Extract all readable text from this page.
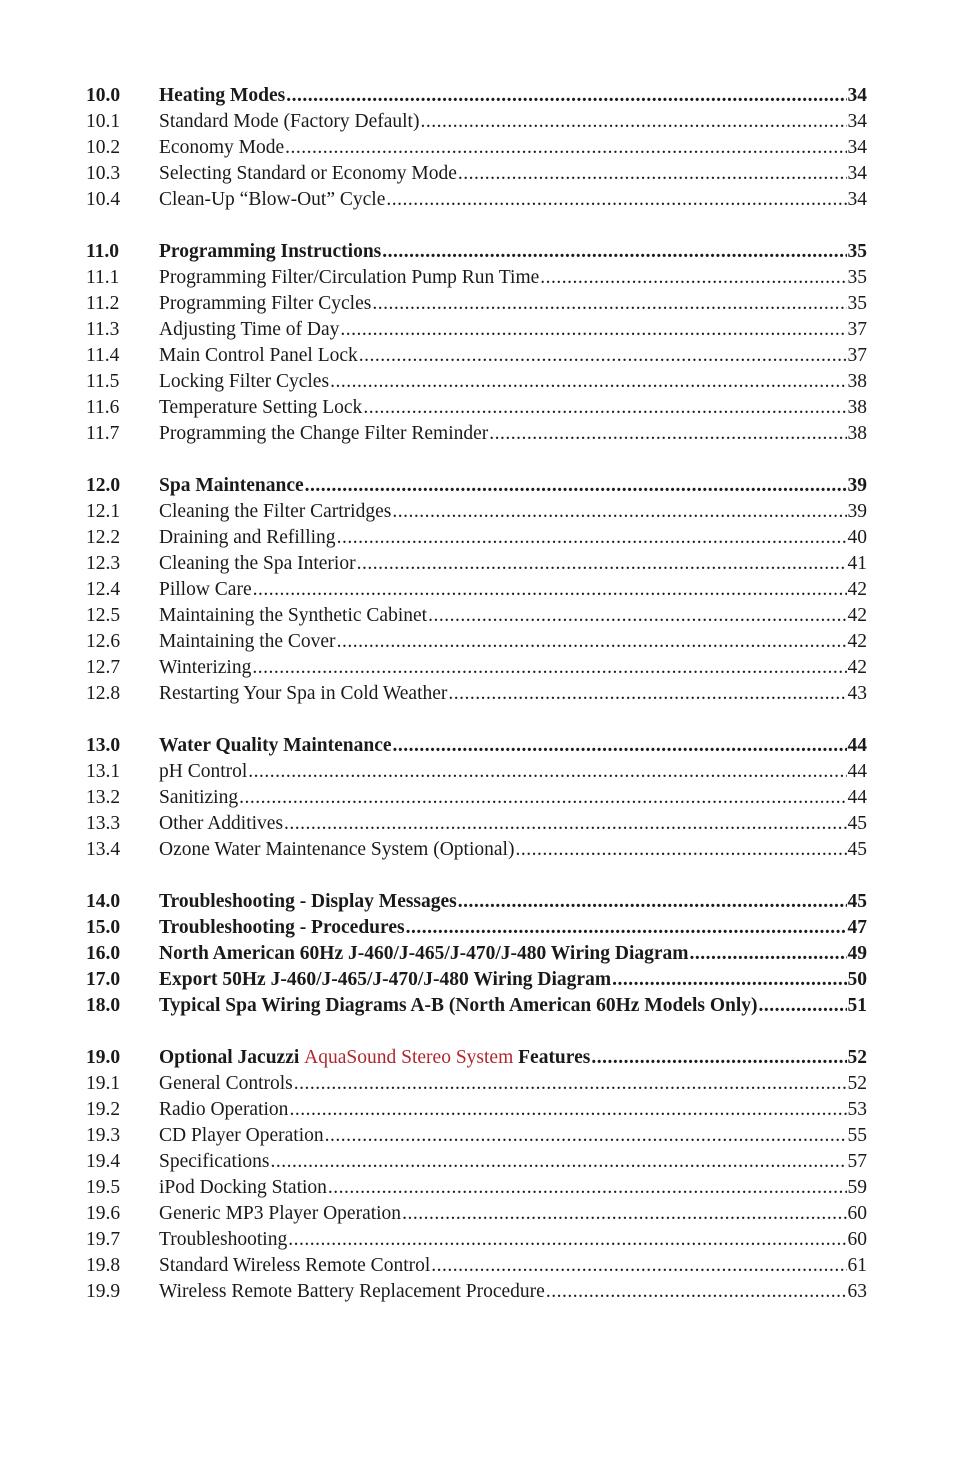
10.0	Heating Modes .....	34
10.1	Standard Mode (Factory Default) .....	34
10.2	Economy Mode .....	34
10.3	Selecting Standard or Economy Mode .....	34
10.4	Clean-Up “Blow-Out” Cycle .....	34
11.0	Programming Instructions .....	35
11.1	Programming Filter/Circulation Pump Run Time .....	35
11.2	Programming Filter Cycles .....	35
11.3	Adjusting Time of Day .....	37
11.4	Main Control Panel Lock .....	37
11.5	Locking Filter Cycles .....	38
11.6	Temperature Setting Lock .....	38
11.7	Programming the Change Filter Reminder .....	38
12.0	Spa Maintenance .....	39
12.1	Cleaning the Filter Cartridges .....	39
12.2	Draining and Refilling .....	40
12.3	Cleaning the Spa Interior .....	41
12.4	Pillow Care .....	42
12.5	Maintaining the Synthetic Cabinet .....	42
12.6	Maintaining the Cover .....	42
12.7	Winterizing .....	42
12.8	Restarting Your Spa in Cold Weather .....	43
13.0	Water Quality Maintenance .....	44
13.1	pH Control .....	44
13.2	Sanitizing .....	44
13.3	Other Additives .....	45
13.4	Ozone Water Maintenance System (Optional) .....	45
14.0	Troubleshooting - Display Messages .....	45
15.0	Troubleshooting - Procedures .....	47
16.0	North American 60Hz J-460/J-465/J-470/J-480 Wiring Diagram .....	49
17.0	Export 50Hz J-460/J-465/J-470/J-480 Wiring Diagram .....	50
18.0	Typical Spa Wiring Diagrams A-B (North American 60Hz Models Only) .....	51
19.0	Optional Jacuzzi AquaSound Stereo System Features .....	52
19.1	General Controls .....	52
19.2	Radio Operation .....	53
19.3	CD Player Operation .....	55
19.4	Specifications .....	57
19.5	iPod Docking Station .....	59
19.6	Generic MP3 Player Operation .....	60
19.7	Troubleshooting .....	60
19.8	Standard Wireless Remote Control .....	61
19.9	Wireless Remote Battery Replacement Procedure .....	63
